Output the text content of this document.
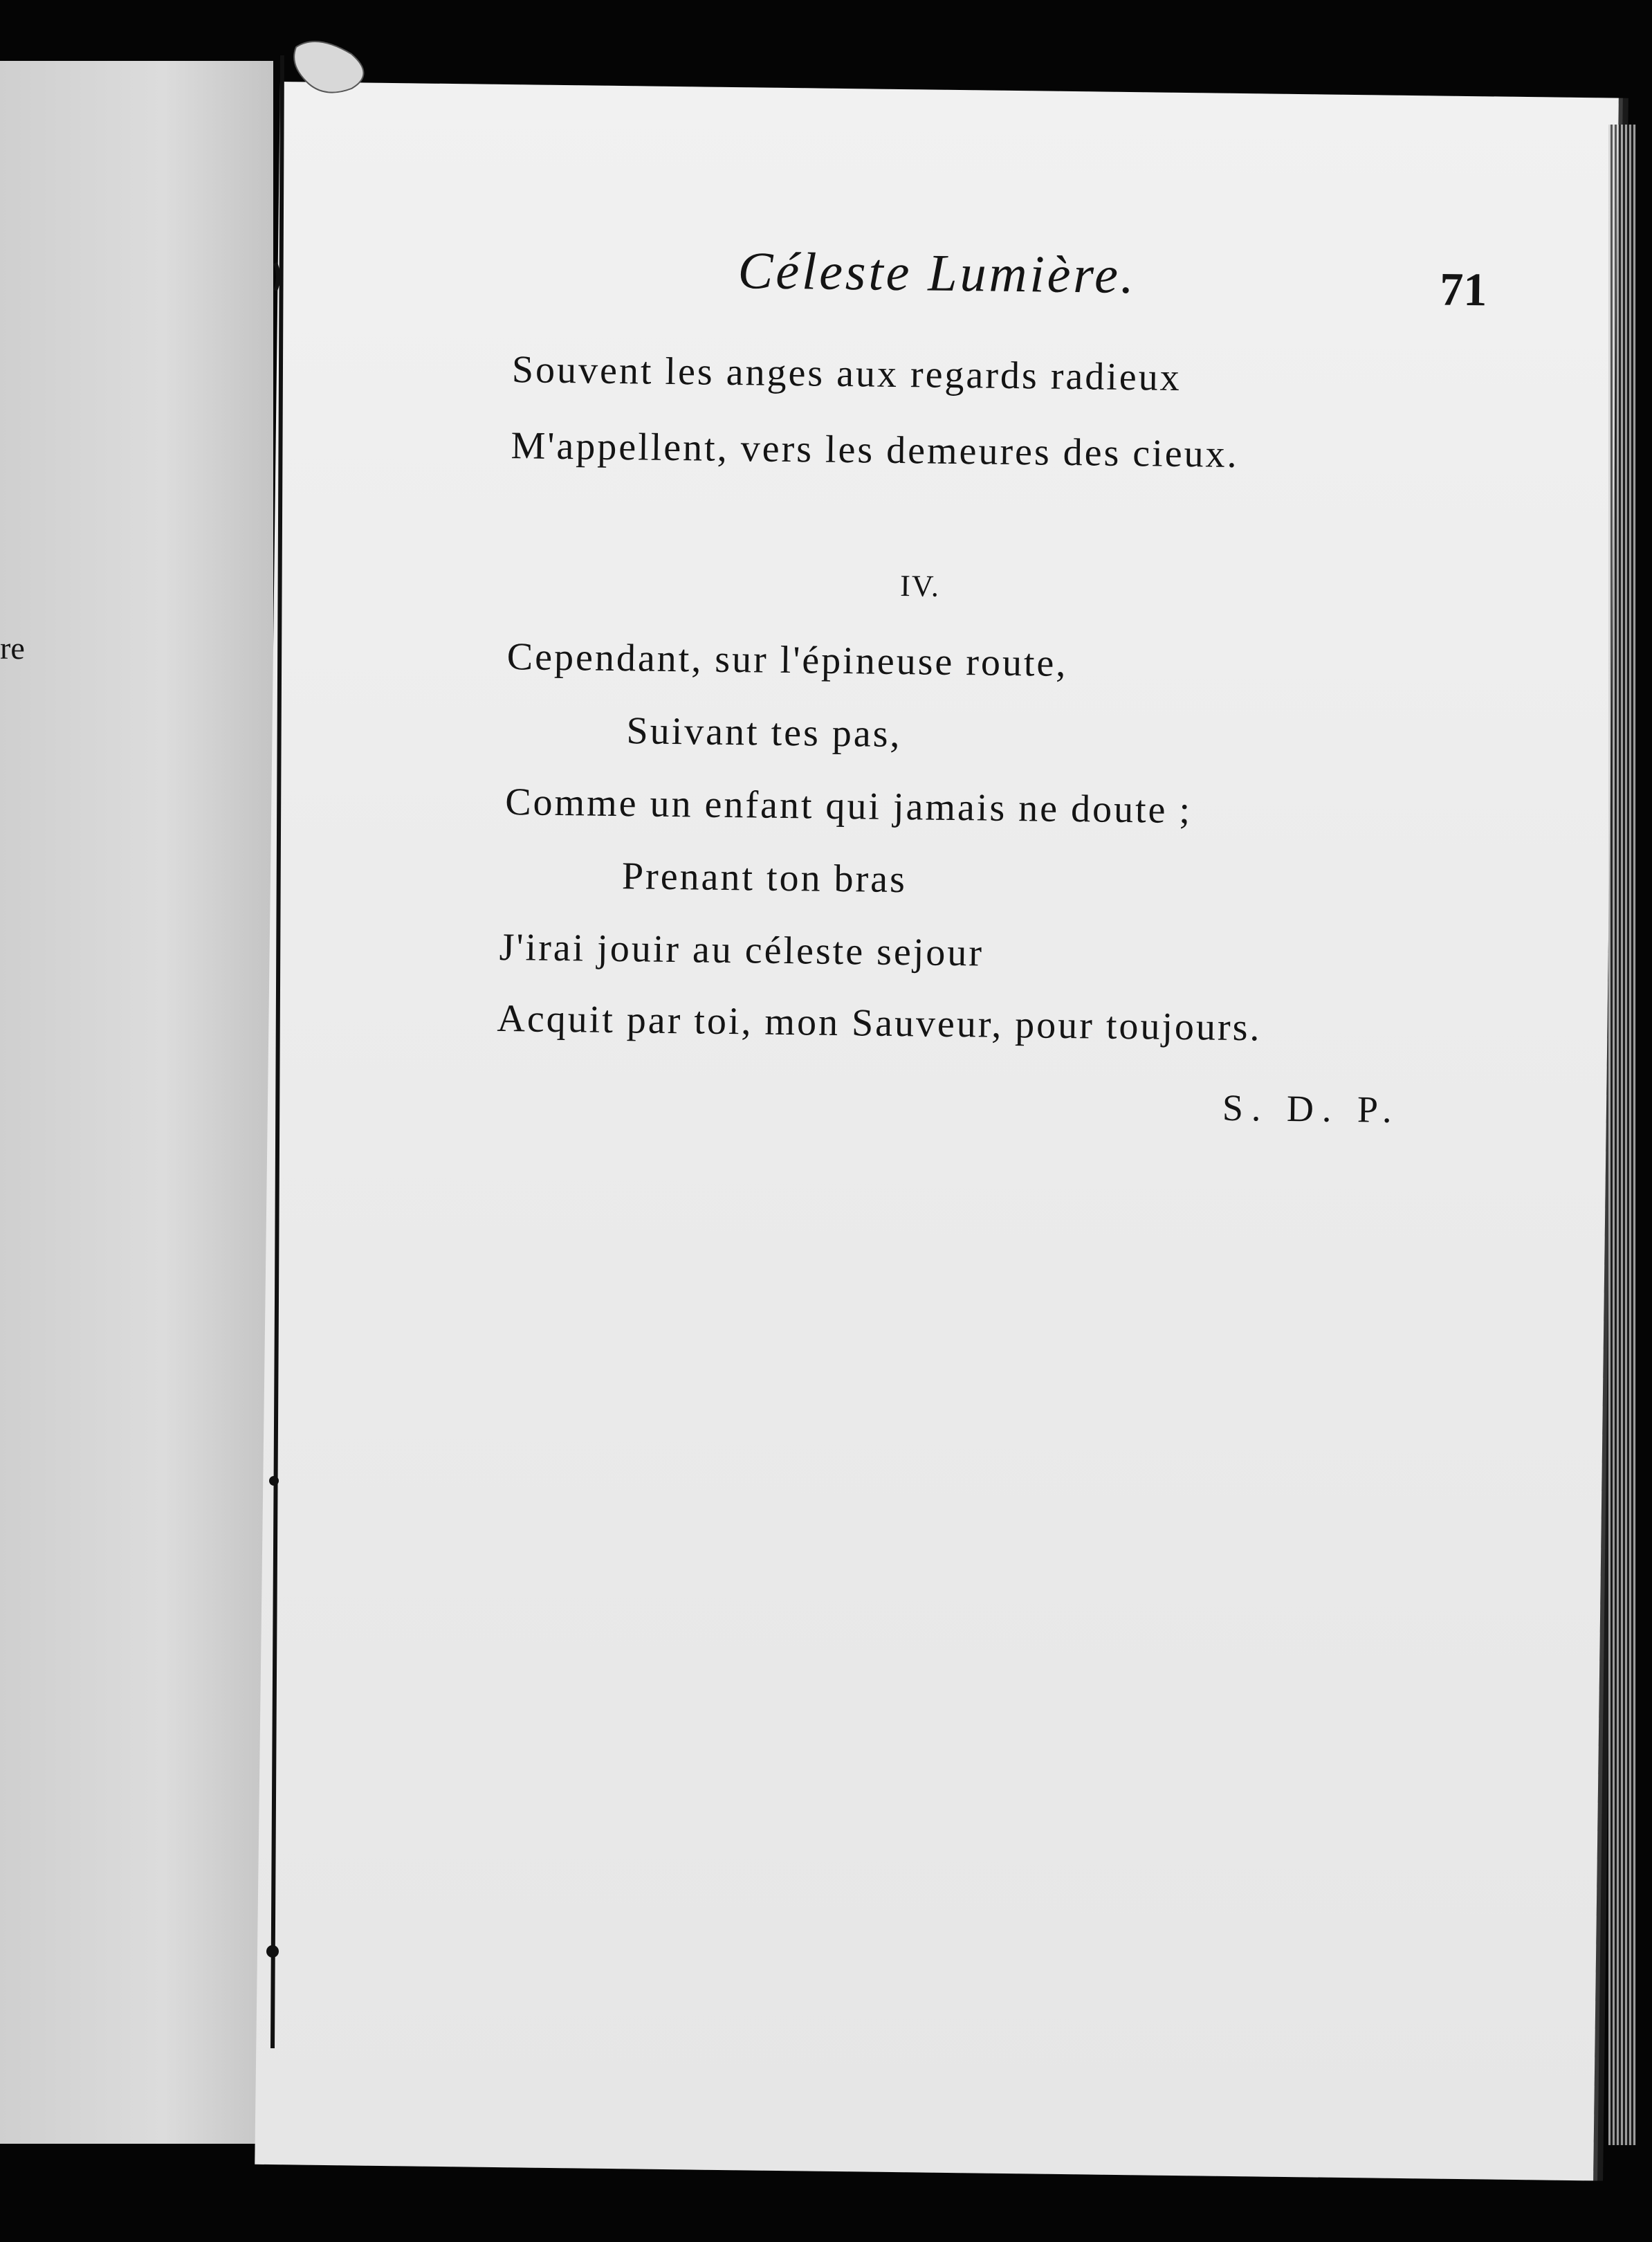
re
Céleste Lumière.	71
Souvent les anges aux regards radieux
M'appellent, vers les demeures des cieux.
IV.
Cependant, sur l'épineuse route,
Suivant tes pas,
Comme un enfant qui jamais ne doute ;
Prenant ton bras
J'irai jouir au céleste sejour
Acquit par toi, mon Sauveur, pour toujours.
S. D. P.
